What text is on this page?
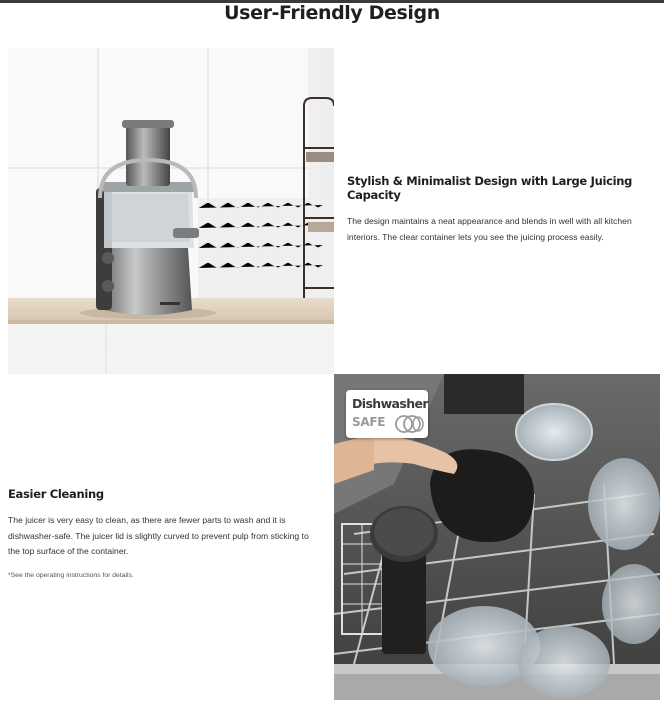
User-Friendly Design
Stylish & Minimalist Design with Large Juicing Capacity

The design maintains a neat appearance and blends in well with all kitchen interiors. The clear container lets you see the juicing process easily.

Easier Cleaning

The juicer is very easy to clean, as there are fewer parts to wash and it is dishwasher-safe. The juicer lid is slightly curved to prevent pulp from sticking to the top surface of the container.

*See the operating instructions for details.
Dishwasher
SAFE
